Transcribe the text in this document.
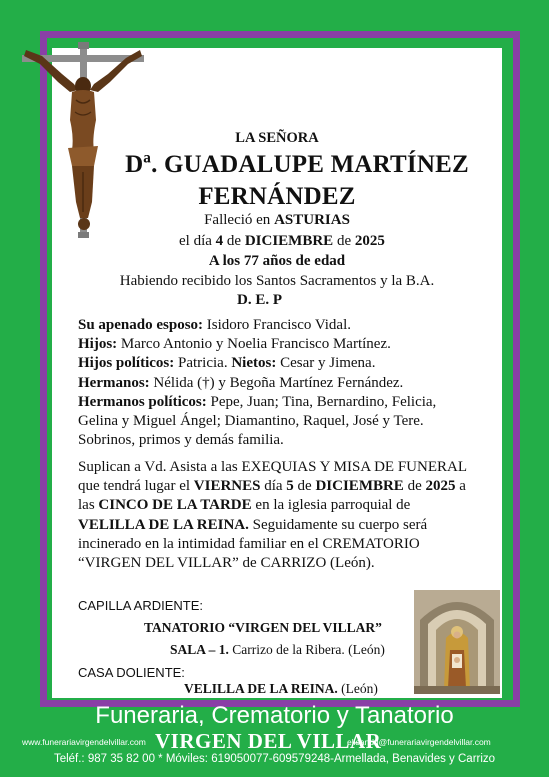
LA SEÑORA
Dª. GUADALUPE MARTÍNEZ
FERNÁNDEZ
Falleció en ASTURIAS
el día 4 de DICIEMBRE de 2025
A los 77 años de edad
Habiendo recibido los Santos Sacramentos y la B.A.
D. E. P

Su apenado esposo: Isidoro Francisco Vidal.

Hijos: Marco Antonio y Noelia Francisco Martínez.

Hijos políticos: Patricia. Nietos: Cesar y Jimena.

Hermanos: Nélida (†) y Begoña Martínez Fernández.

Hermanos políticos: Pepe, Juan; Tina, Bernardino, Felicia, Gelina y Miguel Ángel; Diamantino, Raquel, José y Tere. Sobrinos, primos y demás familia.

Suplican a Vd. Asista a las EXEQUIAS Y MISA DE FUNERAL que tendrá lugar el VIERNES día 5 de DICIEMBRE de 2025 a las CINCO DE LA TARDE en la iglesia parroquial de VELILLA DE LA REINA. Seguidamente su cuerpo será incinerado en la intimidad familiar en el CREMATORIO “VIRGEN DEL VILLAR” de CARRIZO (León).

CAPILLA ARDIENTE:
TANATORIO “VIRGEN DEL VILLAR”
SALA – 1. Carrizo de la Ribera. (León)
CASA DOLIENTE:
VELILLA DE LA REINA. (León)
Funeraria, Crematorio y Tanatorio
www.funerariavirgendelvillar.com VIRGEN DEL VILLAR
elisandu@funerariavirgendelvillar.com
Teléf.: 987 35 82 00 * Móviles: 619050077-609579248-Armellada, Benavides y Carrizo
